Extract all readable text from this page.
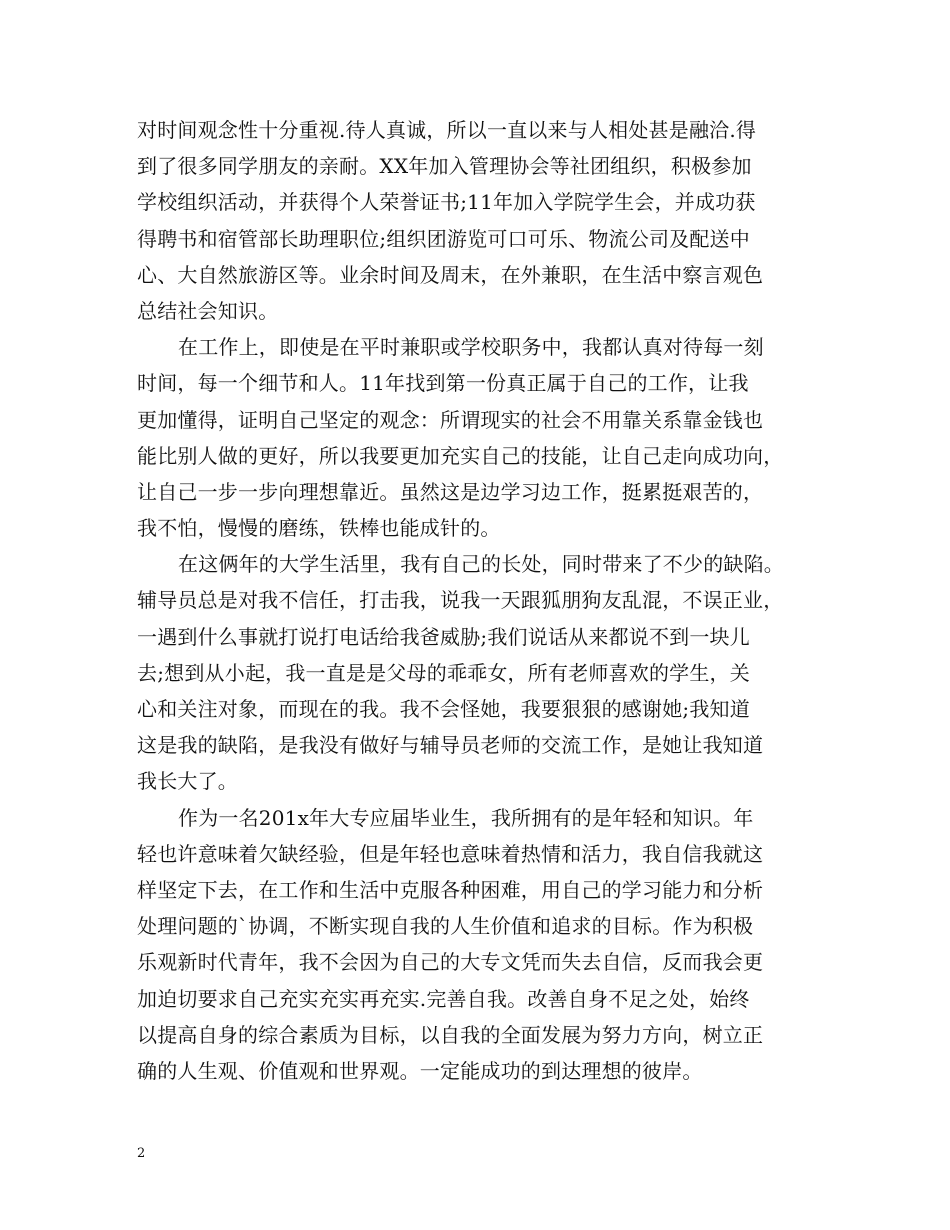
对时间观念性十分重视.待人真诚，所以一直以来与人相处甚是融洽.得
到了很多同学朋友的亲耐。XX年加入管理协会等社团组织，积极参加
学校组织活动，并获得个人荣誉证书;11年加入学院学生会，并成功获
得聘书和宿管部长助理职位;组织团游览可口可乐、物流公司及配送中
心、大自然旅游区等。业余时间及周末，在外兼职，在生活中察言观色
总结社会知识。
在工作上，即使是在平时兼职或学校职务中，我都认真对待每一刻
时间，每一个细节和人。11年找到第一份真正属于自己的工作，让我
更加懂得，证明自己坚定的观念：所谓现实的社会不用靠关系靠金钱也
能比别人做的更好，所以我要更加充实自己的技能，让自己走向成功向，
让自己一步一步向理想靠近。虽然这是边学习边工作，挺累挺艰苦的，
我不怕，慢慢的磨练，铁棒也能成针的。
在这俩年的大学生活里，我有自己的长处，同时带来了不少的缺陷。
辅导员总是对我不信任，打击我，说我一天跟狐朋狗友乱混，不误正业，
一遇到什么事就打说打电话给我爸威胁;我们说话从来都说不到一块儿
去;想到从小起，我一直是是父母的乖乖女，所有老师喜欢的学生，关
心和关注对象，而现在的我。我不会怪她，我要狠狠的感谢她;我知道
这是我的缺陷，是我没有做好与辅导员老师的交流工作，是她让我知道
我长大了。
作为一名201x年大专应届毕业生，我所拥有的是年轻和知识。年
轻也许意味着欠缺经验，但是年轻也意味着热情和活力，我自信我就这
样坚定下去，在工作和生活中克服各种困难，用自己的学习能力和分析
处理问题的`协调，不断实现自我的人生价值和追求的目标。作为积极
乐观新时代青年，我不会因为自己的大专文凭而失去自信，反而我会更
加迫切要求自己充实充实再充实.完善自我。改善自身不足之处，始终
以提高自身的综合素质为目标，以自我的全面发展为努力方向，树立正
确的人生观、价值观和世界观。一定能成功的到达理想的彼岸。
2
